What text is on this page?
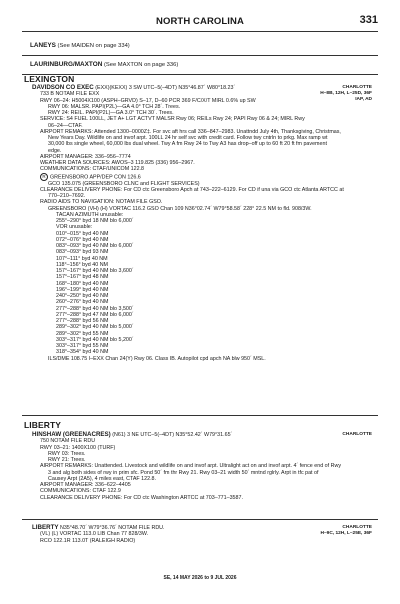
NORTH CAROLINA	331
LANEYS (See MAIDEN on page 334)
LAURINBURG/MAXTON (See MAXTON on page 336)
LEXINGTON
CHARLOTTE
H–8B, 12H, L–25D, 36F
IAP, AD
DAVIDSON CO EXEC (EXX)(KEXX) 3 SW UTC–5(–4DT) N35°46.87´ W80°18.23´
733 B NOTAM FILE EXX
RWY 06–24: H5004X100 (ASPH–GRVD) S–17, D–60 PCR 369 F/C/X/T MIRL 0.6% up SW
RWY 06: MALSR. PAPI(P2L)—GA 4.0° TCH 28´. Trees.
RWY 24: REIL. PAPI(P2L)—GA 3.0° TCH 30´. Trees.
SERVICE: S4 FUEL 100LL, JET A+ LGT ACTVT MALSR Rwy 06; REILs Rwy 24; PAPI Rwy 06 & 24; MIRL Rwy
06–24—CTAF.
AIRPORT REMARKS: Attended 1300–0000Z‡. For svc aft hrs call 336–847–2983. Unattndd July 4th, Thanksgiving, Christmas,
New Years Day. Wildlife on and invof arpt. 100LL 24 hr self svc with credit card. Follow twy cntrln to prkg. Max ramp wt
30,000 lbs single wheel, 60,000 lbs dual wheel. Twy A fm Rwy 24 to Twy A3 has drop–off up to 60 ft 20 ft fm pavement
edge.
AIRPORT MANAGER: 336–956–7774
WEATHER DATA SOURCES: AWOS–3 119.825 (336) 956–2967.
COMMUNICATIONS: CTAF/UNICOM 122.8
R GREENSBORO APP/DEP CON 126.6
GCO 135.075 (GREENSBORO CLNC and FLIGHT SERVICES)
CLEARANCE DELIVERY PHONE: For CD ctc Greensboro Apch at 743–222–6129. For CD if una via GCO ctc Atlanta ARTCC at
770–210–7692.
RADIO AIDS TO NAVIGATION: NOTAM FILE GSO.
GREENSBORO (VH) (H) VORTAC 116.2 GSO Chan 109 N36°02.74´ W79°58.58´ 228° 22.5 NM to fld. 908/3W.
TACAN AZIMUTH unusable:
255°–290° byd 18 NM blo 6,000´
VOR unusable:
010°–015° byd 40 NM
072°–076° byd 40 NM
083°–093° byd 40 NM blo 6,000´
083°–093° byd 93 NM
107°–111° byd 40 NM
118°–156° byd 40 NM
157°–167° byd 40 NM blo 3,600´
157°–167° byd 48 NM
168°–180° byd 40 NM
196°–199° byd 40 NM
240°–250° byd 40 NM
260°–276° byd 40 NM
277°–288° byd 40 NM blo 3,500´
277°–288° byd 47 NM blo 6,000´
277°–288° byd 56 NM
289°–302° byd 40 NM blo 5,000´
289°–302° byd 55 NM
303°–317° byd 40 NM blo 5,200´
303°–317° byd 55 NM
318°–354° byd 40 NM
ILS/DME 108.75 I–EXX Chan 24(Y) Rwy 06. Class IB. Autopilot cpd apch NA blw 950´ MSL.
LIBERTY
CHARLOTTE
HINSHAW (GREENACRES) (N61) 3 NE UTC–5(–4DT) N35°52.42´ W79°31.65´
750 NOTAM FILE RDU
RWY 03–21: 1400X100 (TURF)
RWY 03: Trees.
RWY 21: Trees.
AIRPORT REMARKS: Unattended. Livestock and wildlife on and invof arpt. Ultralight act on and invof arpt. 4´ fence end of Rwy
3 and alg both sides of rwy in prim sfc. Pond 50´ fm thr Rwy 21. Rwy 03–21 width 50´ mntnd rglrly. Arpt in tfc pat of
Causey Arpt (2A5), 4 miles east, CTAF 122.8.
AIRPORT MANAGER: 336–622–4405
COMMUNICATIONS: CTAF 122.9
CLEARANCE DELIVERY PHONE: For CD ctc Washington ARTCC at 703–771–3587.
CHARLOTTE
H–9C, 12H, L–25E, 36F
LIBERTY N35°48.70´ W79°36.76´ NOTAM FILE RDU.
(VL) (L) VORTAC 113.0 LIB Chan 77 828/3W.
RCO 122.1R 113.0T (RALEIGH RADIO)
SE, 14 MAY 2026 to 9 JUL 2026
